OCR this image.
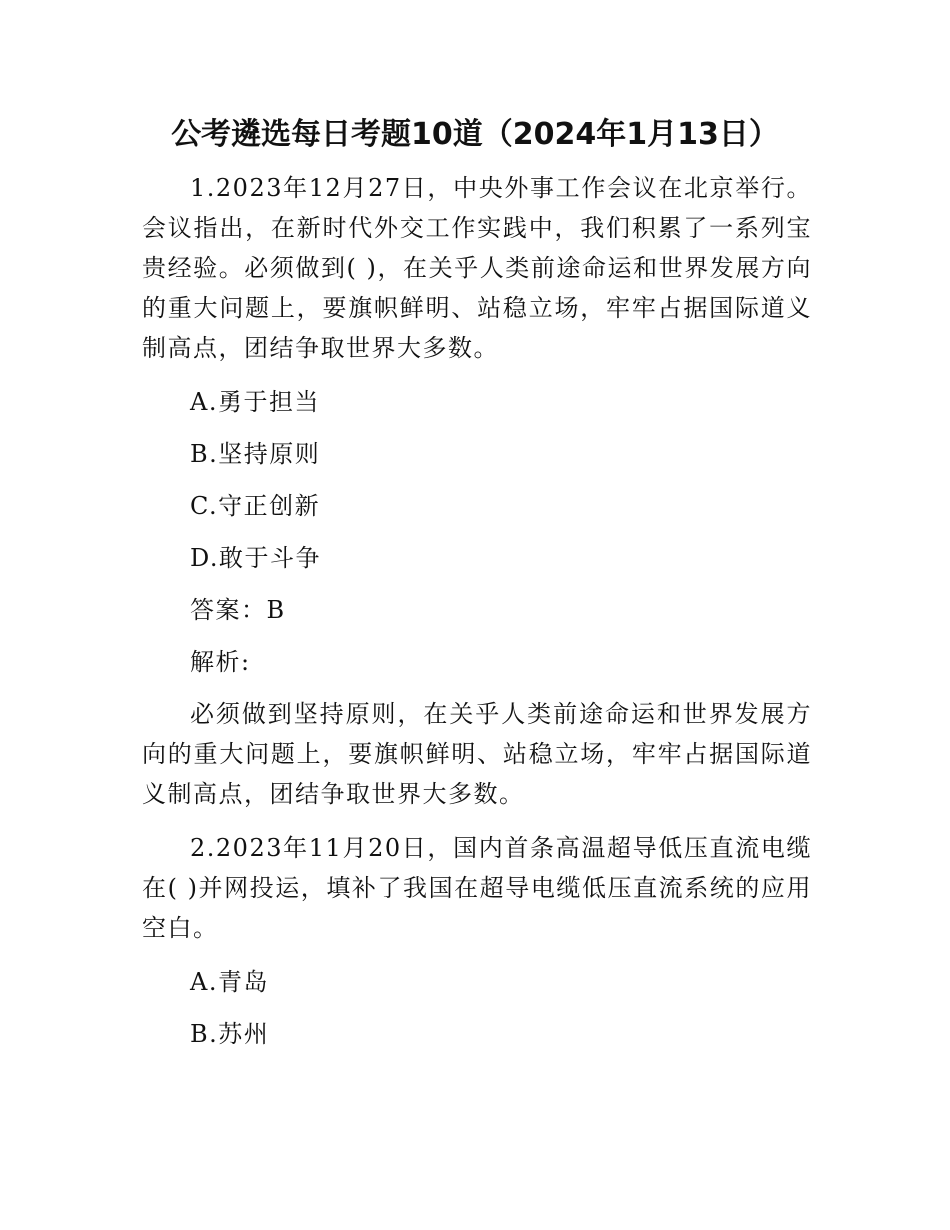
公考遴选每日考题10道（2024年1月13日）

1.2023年12月27日，中央外事工作会议在北京举行。会议指出，在新时代外交工作实践中，我们积累了一系列宝贵经验。必须做到( )，在关乎人类前途命运和世界发展方向的重大问题上，要旗帜鲜明、站稳立场，牢牢占据国际道义制高点，团结争取世界大多数。

A.勇于担当

B.坚持原则

C.守正创新

D.敢于斗争

答案：B

解析:

必须做到坚持原则，在关乎人类前途命运和世界发展方向的重大问题上，要旗帜鲜明、站稳立场，牢牢占据国际道义制高点，团结争取世界大多数。

2.2023年11月20日，国内首条高温超导低压直流电缆在( )并网投运，填补了我国在超导电缆低压直流系统的应用空白。

A.青岛

B.苏州
